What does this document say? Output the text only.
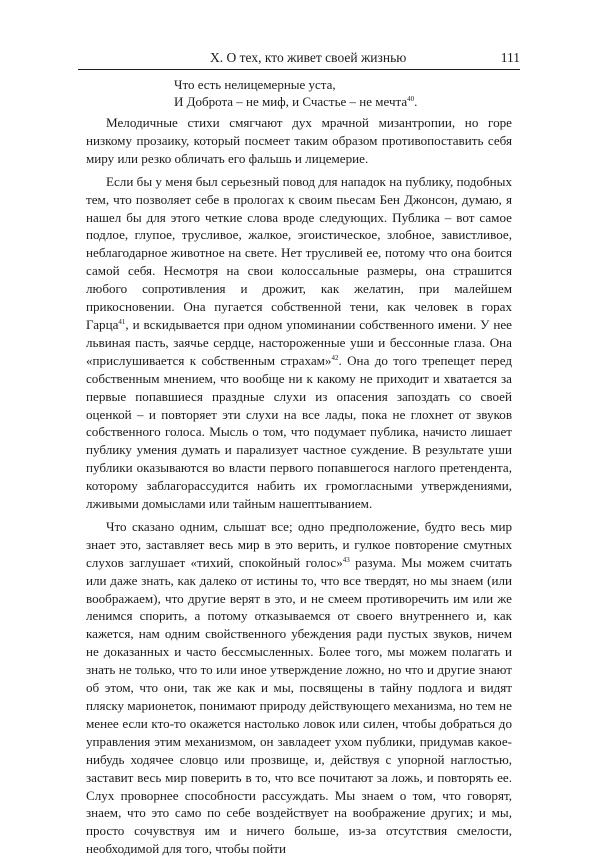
X. О тех, кто живет своей жизнью	111
Что есть нелицемерные уста,
И Доброта – не миф, и Счастье – не мечта$^{40}$.

Мелодичные стихи смягчают дух мрачной мизантропии, но горе низкому прозаику, который посмеет таким образом противопоставить себя миру или резко обличать его фальшь и лицемерие.

Если бы у меня был серьезный повод для нападок на публику, подобных тем, что позволяет себе в прологах к своим пьесам Бен Джонсон, думаю, я нашел бы для этого четкие слова вроде следующих. Публика – вот самое подлое, глупое, трусливое, жалкое, эгоистическое, злобное, завистливое, неблагодарное животное на свете. Нет трусливей ее, потому что она боится самой себя. Несмотря на свои колоссальные размеры, она страшится любого сопротивления и дрожит, как желатин, при малейшем прикосновении. Она пугается собственной тени, как человек в горах Гарца$^{41}$, и вскидывается при одном упоминании собственного имени. У нее львиная пасть, заячье сердце, настороженные уши и бессонные глаза. Она «прислушивается к собственным страхам»$^{42}$. Она до того трепещет перед собственным мнением, что вообще ни к какому не приходит и хватается за первые попавшиеся праздные слухи из опасения запоздать со своей оценкой – и повторяет эти слухи на все лады, пока не глохнет от звуков собственного голоса. Мысль о том, что подумает публика, начисто лишает публику умения думать и парализует частное суждение. В результате уши публики оказываются во власти первого попавшегося наглого претендента, которому заблагорассудится набить их громогласными утверждениями, лживыми домыслами или тайным нашептыванием.

Что сказано одним, слышат все; одно предположение, будто весь мир знает это, заставляет весь мир в это верить, и гулкое повторение смутных слухов заглушает «тихий, спокойный голос»$^{43}$ разума. Мы можем считать или даже знать, как далеко от истины то, что все твердят, но мы знаем (или воображаем), что другие верят в это, и не смеем противоречить им или же ленимся спорить, а потому отказываемся от своего внутреннего и, как кажется, нам одним свойственного убеждения ради пустых звуков, ничем не доказанных и часто бессмысленных. Более того, мы можем полагать и знать не только, что то или иное утверждение ложно, но что и другие знают об этом, что они, так же как и мы, посвящены в тайну подлога и видят пляску марионеток, понимают природу действующего механизма, но тем не менее если кто-то окажется настолько ловок или силен, чтобы добраться до управления этим механизмом, он завладеет ухом публики, придумав какое-нибудь ходячее словцо или прозвище, и, действуя с упорной наглостью, заставит весь мир поверить в то, что все почитают за ложь, и повторять ее. Слух проворнее способности рассуждать. Мы знаем о том, что говорят, знаем, что это само по себе воздействует на воображение других; и мы, просто сочувствуя им и ничего больше, из-за отсутствия смелости, необходимой для того, чтобы пойти
